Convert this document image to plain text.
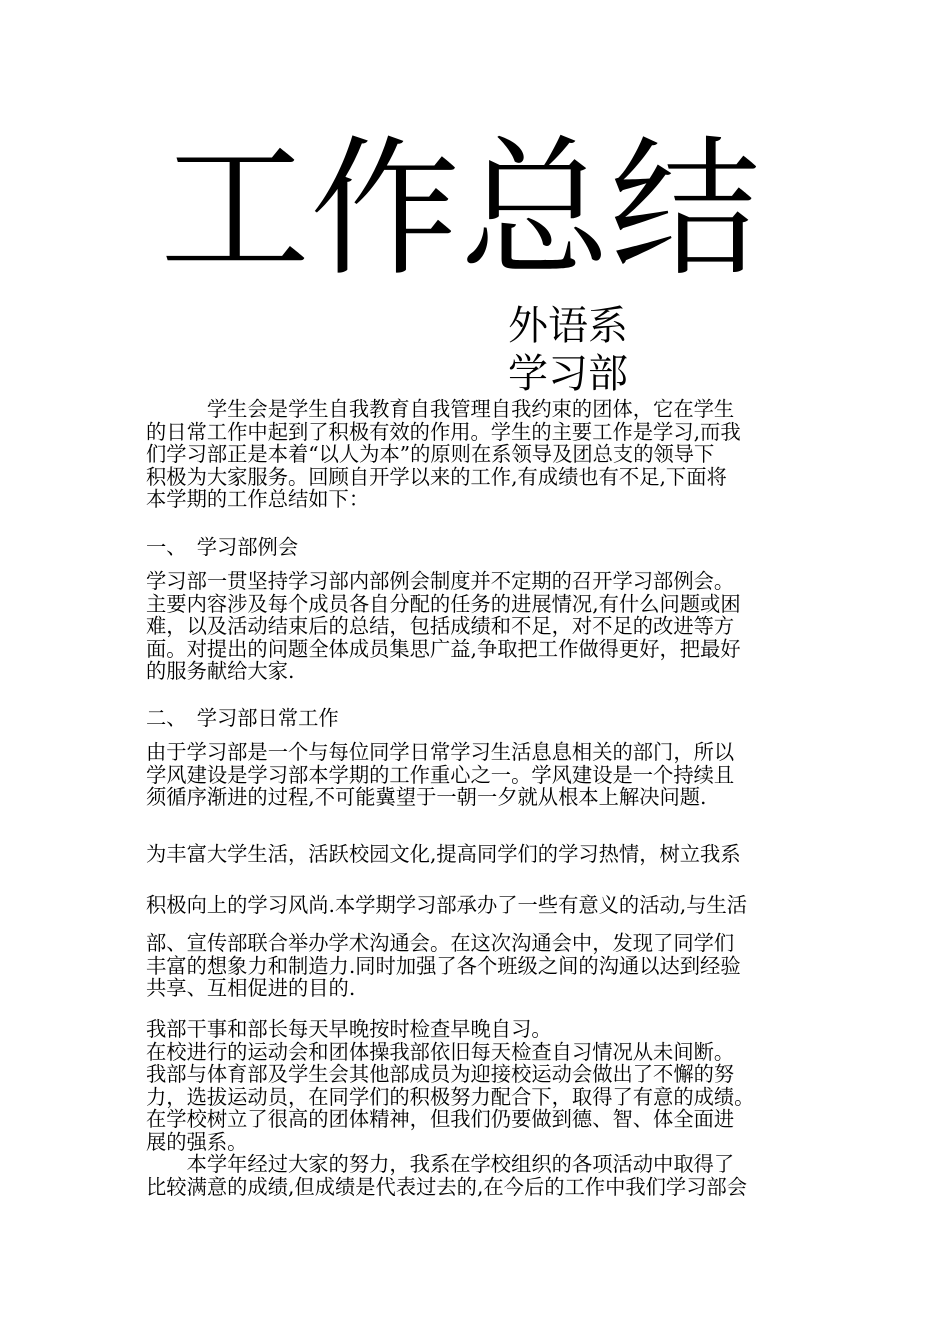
工作总结
外语系
学习部

　　　学生会是学生自我教育自我管理自我约束的团体，它在学生
的日常工作中起到了积极有效的作用。学生的主要工作是学习,而我
们学习部正是本着“以人为本”的原则在系领导及团总支的领导下
积极为大家服务。回顾自开学以来的工作,有成绩也有不足,下面将
本学期的工作总结如下：

一、　学习部例会

学习部一贯坚持学习部内部例会制度并不定期的召开学习部例会。
主要内容涉及每个成员各自分配的任务的进展情况,有什么问题或困
难，以及活动结束后的总结，包括成绩和不足，对不足的改进等方
面。对提出的问题全体成员集思广益,争取把工作做得更好，把最好
的服务献给大家.

二、　学习部日常工作

由于学习部是一个与每位同学日常学习生活息息相关的部门，所以
学风建设是学习部本学期的工作重心之一。学风建设是一个持续且
须循序渐进的过程,不可能冀望于一朝一夕就从根本上解决问题.

为丰富大学生活，活跃校园文化,提高同学们的学习热情，树立我系

积极向上的学习风尚.本学期学习部承办了一些有意义的活动,与生活

部、宣传部联合举办学术沟通会。在这次沟通会中，发现了同学们
丰富的想象力和制造力.同时加强了各个班级之间的沟通以达到经验
共享、互相促进的目的.

我部干事和部长每天早晚按时检查早晚自习。
在校进行的运动会和团体操我部依旧每天检查自习情况从未间断。
我部与体育部及学生会其他部成员为迎接校运动会做出了不懈的努
力，选拔运动员，在同学们的积极努力配合下，取得了有意的成绩。
在学校树立了很高的团体精神，但我们仍要做到德、智、体全面进
展的强系。
　　本学年经过大家的努力，我系在学校组织的各项活动中取得了
比较满意的成绩,但成绩是代表过去的,在今后的工作中我们学习部会
